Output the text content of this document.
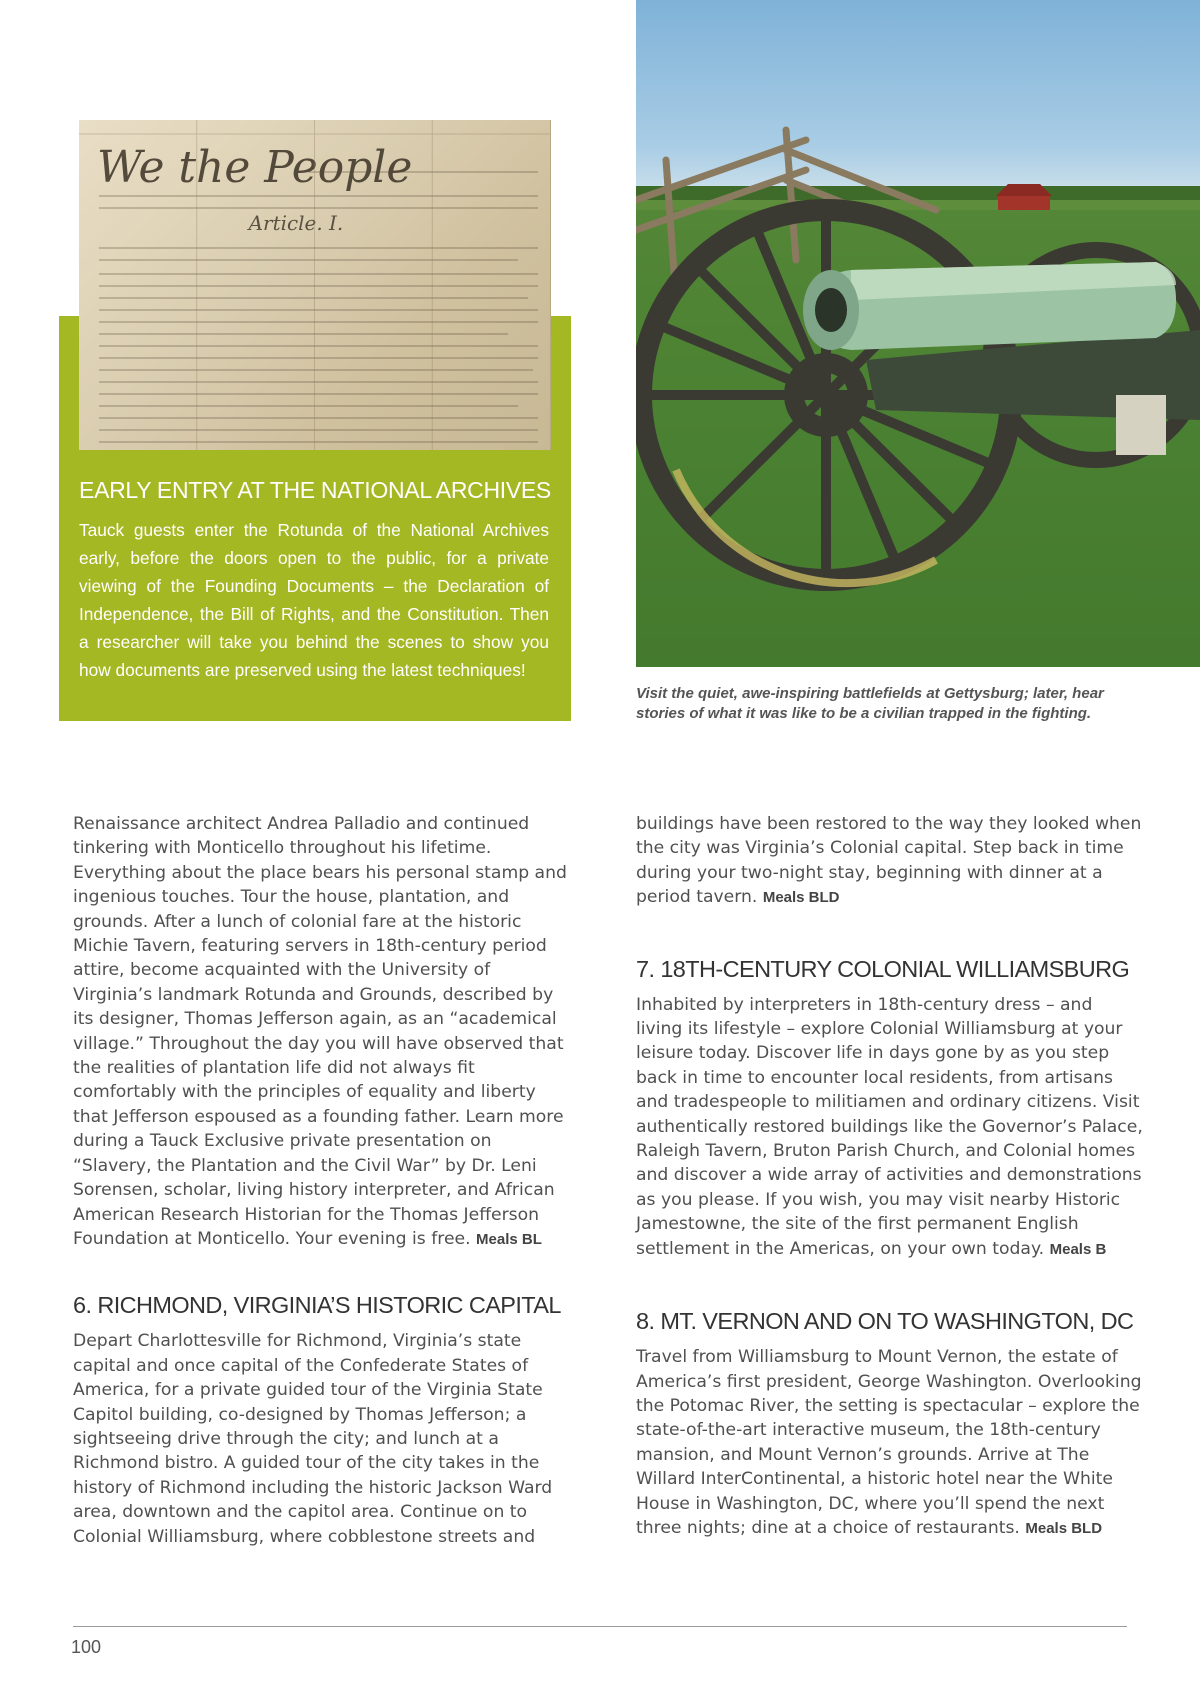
We the People
Article. I.
EARLY ENTRY AT THE NATIONAL ARCHIVES
Tauck guests enter the Rotunda of the National Archives early, before the doors open to the public, for a private viewing of the Founding Documents – the Declaration of Independence, the Bill of Rights, and the Constitution. Then a researcher will take you behind the scenes to show you how documents are preserved using the latest techniques!
Visit the quiet, awe-inspiring battlefields at Gettysburg; later, hear stories of what it was like to be a civilian trapped in the fighting.

Renaissance architect Andrea Palladio and continued tinkering with Monticello throughout his lifetime. Everything about the place bears his personal stamp and ingenious touches. Tour the house, plantation, and grounds. After a lunch of colonial fare at the historic Michie Tavern, featuring servers in 18th-century period attire, become acquainted with the University of Virginia’s landmark Rotunda and Grounds, described by its designer, Thomas Jefferson again, as an “academical village.” Throughout the day you will have observed that the realities of plantation life did not always fit comfortably with the principles of equality and liberty that Jefferson espoused as a founding father. Learn more during a Tauck Exclusive private presentation on “Slavery, the Plantation and the Civil War” by Dr. Leni Sorensen, scholar, living history interpreter, and African American Research Historian for the Thomas Jefferson Foundation at Monticello. Your evening is free. Meals BL

6. RICHMOND, VIRGINIA’S HISTORIC CAPITAL

Depart Charlottesville for Richmond, Virginia’s state capital and once capital of the Confederate States of America, for a private guided tour of the Virginia State Capitol building, co-designed by Thomas Jefferson; a sightseeing drive through the city; and lunch at a Richmond bistro. A guided tour of the city takes in the history of Richmond including the historic Jackson Ward area, downtown and the capitol area. Continue on to Colonial Williamsburg, where cobblestone streets and

buildings have been restored to the way they looked when the city was Virginia’s Colonial capital. Step back in time during your two-night stay, beginning with dinner at a period tavern. Meals BLD

7. 18TH-CENTURY COLONIAL WILLIAMSBURG

Inhabited by interpreters in 18th-century dress – and living its lifestyle – explore Colonial Williamsburg at your leisure today. Discover life in days gone by as you step back in time to encounter local residents, from artisans and tradespeople to militiamen and ordinary citizens. Visit authentically restored buildings like the Governor’s Palace, Raleigh Tavern, Bruton Parish Church, and Colonial homes and discover a wide array of activities and demonstrations as you please. If you wish, you may visit nearby Historic Jamestowne, the site of the first permanent English settlement in the Americas, on your own today. Meals B

8. MT. VERNON AND ON TO WASHINGTON, DC

Travel from Williamsburg to Mount Vernon, the estate of America’s first president, George Washington. Overlooking the Potomac River, the setting is spectacular – explore the state-of-the-art interactive museum, the 18th-century mansion, and Mount Vernon’s grounds. Arrive at The Willard InterContinental, a historic hotel near the White House in Washington, DC, where you’ll spend the next three nights; dine at a choice of restaurants. Meals BLD

100
